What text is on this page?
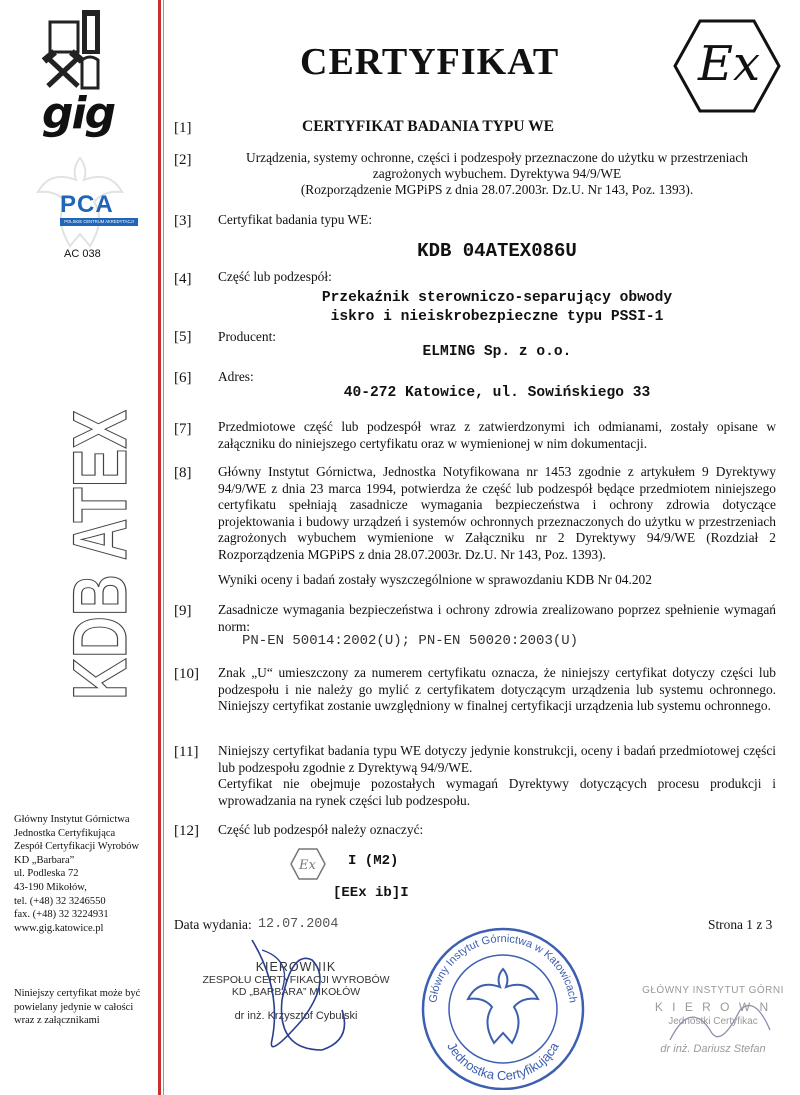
gig
CERTYFIKAT	Ex
PCA
POLSKIE CENTRUM AKREDYTACJI
AC 038
KDB ATEX
[1]	CERTYFIKAT BADANIA TYPU WE
[2]	Urządzenia, systemy ochronne, części i podzespoły przeznaczone do użytku w przestrzeniach
zagrożonych wybuchem. Dyrektywa 94/9/WE
(Rozporządzenie MGPiPS z dnia 28.07.2003r. Dz.U. Nr 143, Poz. 1393).
[3] Certyfikat badania typu WE:
KDB 04ATEX086U
[4] Część lub podzespół:
Przekaźnik sterowniczo-separujący obwody
iskro i nieiskrobezpieczne typu PSSI-1
[5] Producent:
ELMING Sp. z o.o.
[6] Adres:
40-272 Katowice, ul. Sowińskiego 33
[7] Przedmiotowe część lub podzespół wraz z zatwierdzonymi ich odmianami, zostały opisane w załączniku do niniejszego certyfikatu oraz w wymienionej w nim dokumentacji.
[8] Główny Instytut Górnictwa, Jednostka Notyfikowana nr 1453 zgodnie z artykułem 9 Dyrektywy 94/9/WE z dnia 23 marca 1994, potwierdza że część lub podzespół będące przedmiotem niniejszego certyfikatu spełniają zasadnicze wymagania bezpieczeństwa i ochrony zdrowia dotyczące projektowania i budowy urządzeń i systemów ochronnych przeznaczonych do użytku w przestrzeniach zagrożonych wybuchem wymienione w Załączniku nr 2 Dyrektywy 94/9/WE (Rozdział 2 Rozporządzenia MGPiPS z dnia 28.07.2003r. Dz.U. Nr 143, Poz. 1393).
Wyniki oceny i badań zostały wyszczególnione w sprawozdaniu KDB Nr 04.202
[9] Zasadnicze wymagania bezpieczeństwa i ochrony zdrowia zrealizowano poprzez spełnienie wymagań norm:
PN-EN 50014:2002(U); PN-EN 50020:2003(U)
[10] Znak „U“ umieszczony za numerem certyfikatu oznacza, że niniejszy certyfikat dotyczy części lub podzespołu i nie należy go mylić z certyfikatem dotyczącym urządzenia lub systemu ochronnego. Niniejszy certyfikat zostanie uwzględniony w finalnej certyfikacji urządzenia lub systemu ochronnego.
[11] Niniejszy certyfikat badania typu WE dotyczy jedynie konstrukcji, oceny i badań przedmiotowej części lub podzespołu zgodnie z Dyrektywą 94/9/WE.
Certyfikat nie obejmuje pozostałych wymagań Dyrektywy dotyczących procesu produkcji i wprowadzania na rynek części lub podzespołu.
[12] Część lub podzespół należy oznaczyć:
Ex I (M2)
[EEx ib]I
Data wydania: 12.07.2004	Strona 1 z 3
Główny Instytut Górnictwa
Jednostka Certyfikująca
Zespół Certyfikacji Wyrobów
KD „Barbara”
ul. Podleska 72
43-190 Mikołów,
tel. (+48) 32 3246550
fax. (+48) 32 3224931
www.gig.katowice.pl
Niniejszy certyfikat może być
powielany jedynie w całości
wraz z załącznikami
KIEROWNIK
ZESPOŁU CERTYFIKACJI WYROBÓW
KD „BARBARA” MIKOŁÓW
dr inż. Krzysztof Cybulski
Główny Instytut Górnictwa w Katowicach
Jednostka Certyfikująca
GŁÓWNY INSTYTUT GÓRNI
K I E R O W N
Jednostki Certyfikac
dr inż. Dariusz Stefan
